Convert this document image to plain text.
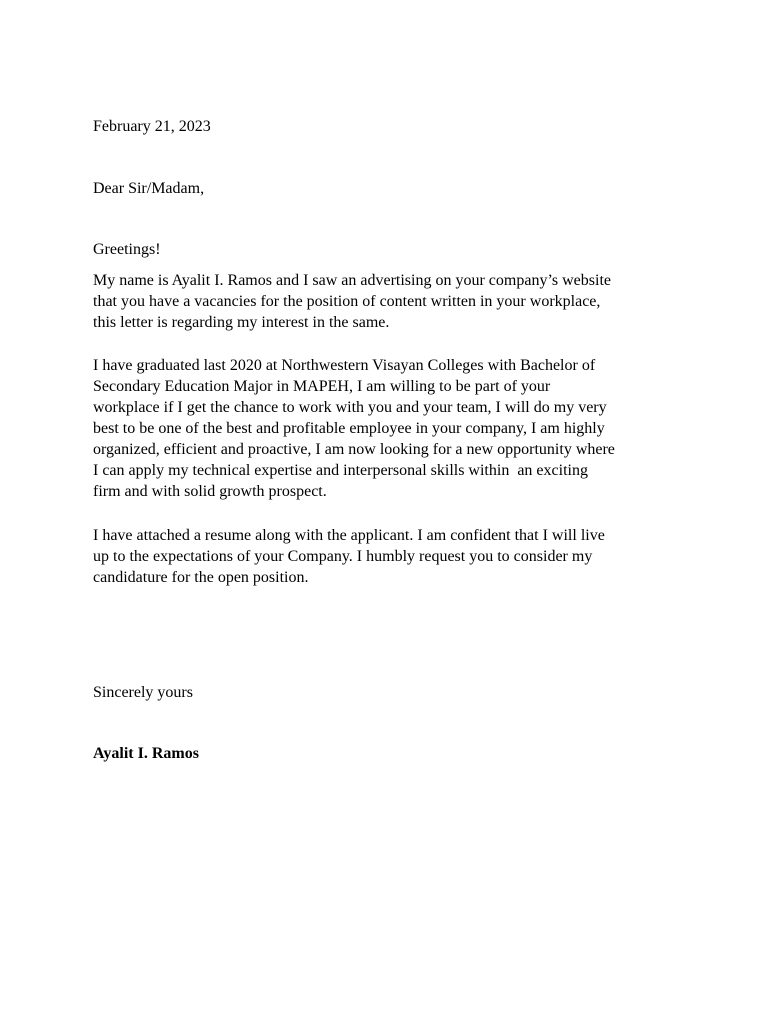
February 21, 2023
Dear Sir/Madam,
Greetings!
My name is Ayalit I. Ramos and I saw an advertising on your company’s website
that you have a vacancies for the position of content written in your workplace,
this letter is regarding my interest in the same.
I have graduated last 2020 at Northwestern Visayan Colleges with Bachelor of
Secondary Education Major in MAPEH, I am willing to be part of your
workplace if I get the chance to work with you and your team, I will do my very
best to be one of the best and profitable employee in your company, I am highly
organized, efficient and proactive, I am now looking for a new opportunity where
I can apply my technical expertise and interpersonal skills within  an exciting
firm and with solid growth prospect.
I have attached a resume along with the applicant. I am confident that I will live
up to the expectations of your Company. I humbly request you to consider my
candidature for the open position.
Sincerely yours
Ayalit I. Ramos
